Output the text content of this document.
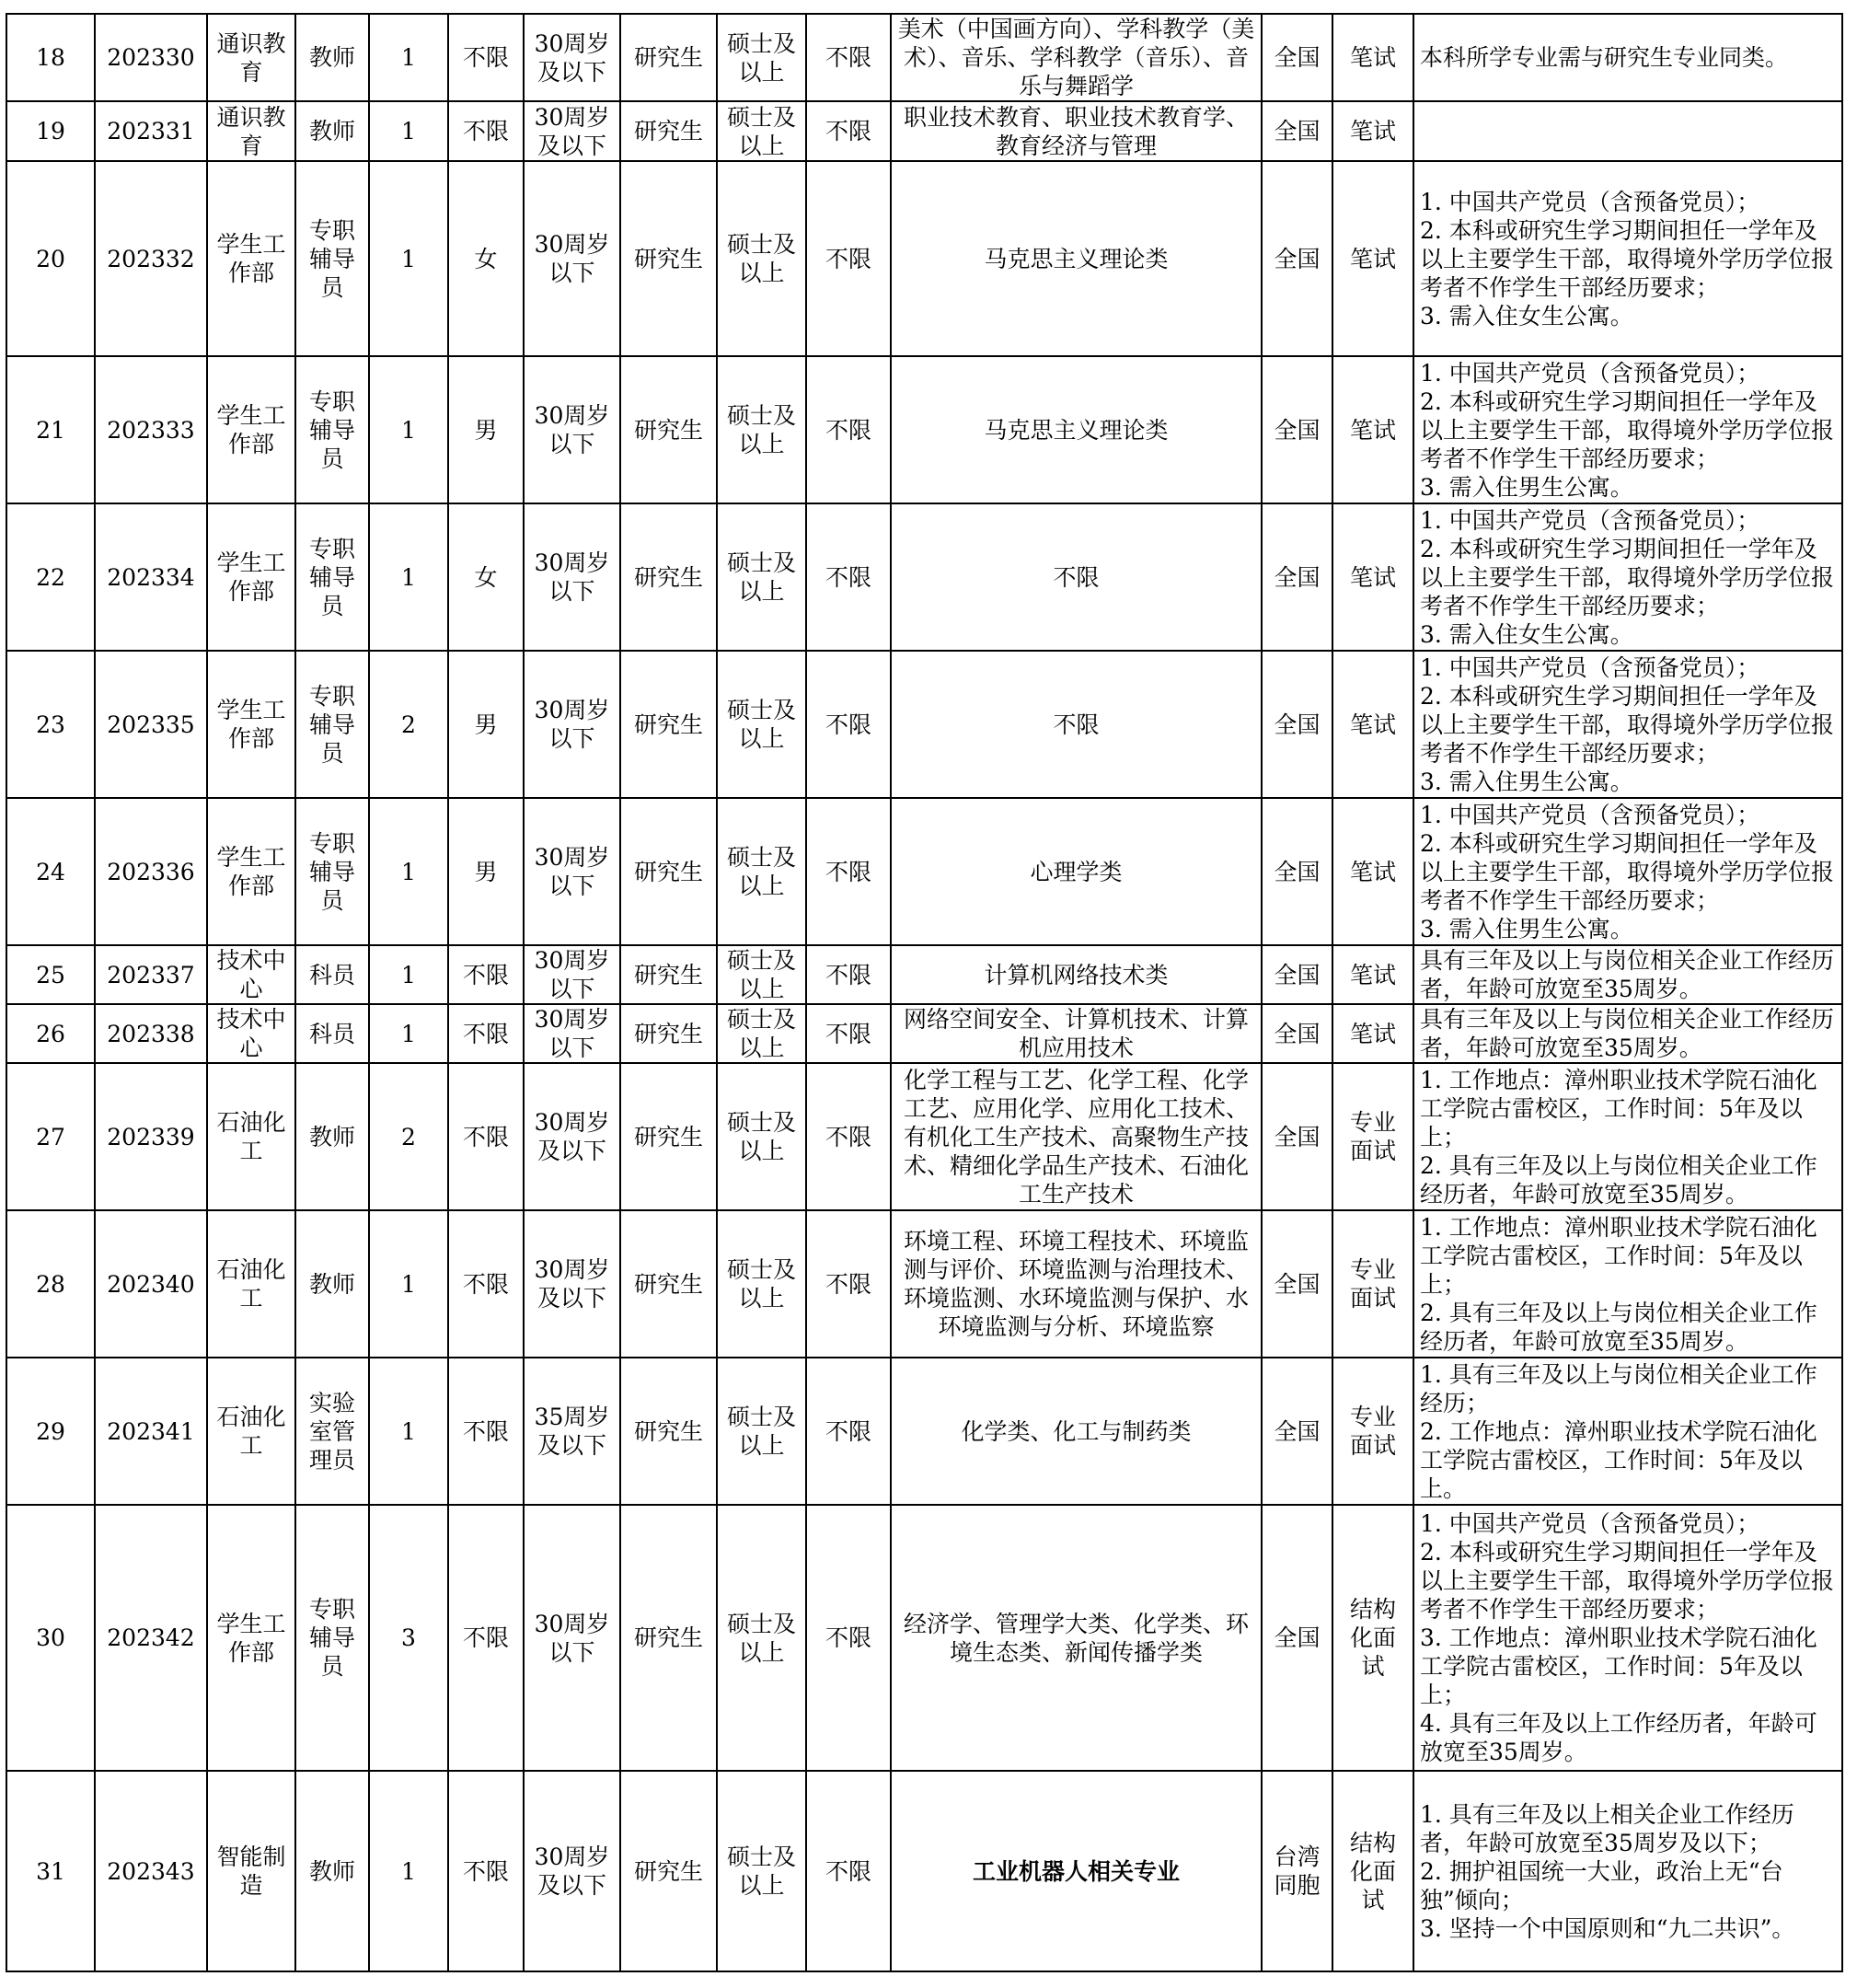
18	202330	通识教育	教师	1	不限	30周岁及以下	研究生	硕士及以上	不限	美术（中国画方向）、学科教学（美术）、音乐、学科教学（音乐）、音乐与舞蹈学	全国	笔试	本科所学专业需与研究生专业同类。
19	202331	通识教育	教师	1	不限	30周岁及以下	研究生	硕士及以上	不限	职业技术教育、职业技术教育学、教育经济与管理	全国	笔试	
20	202332	学生工作部	专职辅导员	1	女	30周岁以下	研究生	硕士及以上	不限	马克思主义理论类	全国	笔试	1. 中国共产党员（含预备党员）；
2. 本科或研究生学习期间担任一学年及以上主要学生干部，取得境外学历学位报考者不作学生干部经历要求；
3. 需入住女生公寓。
21	202333	学生工作部	专职辅导员	1	男	30周岁以下	研究生	硕士及以上	不限	马克思主义理论类	全国	笔试	1. 中国共产党员（含预备党员）；
2. 本科或研究生学习期间担任一学年及以上主要学生干部，取得境外学历学位报考者不作学生干部经历要求；
3. 需入住男生公寓。
22	202334	学生工作部	专职辅导员	1	女	30周岁以下	研究生	硕士及以上	不限	不限	全国	笔试	1. 中国共产党员（含预备党员）；
2. 本科或研究生学习期间担任一学年及以上主要学生干部，取得境外学历学位报考者不作学生干部经历要求；
3. 需入住女生公寓。
23	202335	学生工作部	专职辅导员	2	男	30周岁以下	研究生	硕士及以上	不限	不限	全国	笔试	1. 中国共产党员（含预备党员）；
2. 本科或研究生学习期间担任一学年及以上主要学生干部，取得境外学历学位报考者不作学生干部经历要求；
3. 需入住男生公寓。
24	202336	学生工作部	专职辅导员	1	男	30周岁以下	研究生	硕士及以上	不限	心理学类	全国	笔试	1. 中国共产党员（含预备党员）；
2. 本科或研究生学习期间担任一学年及以上主要学生干部，取得境外学历学位报考者不作学生干部经历要求；
3. 需入住男生公寓。
25	202337	技术中心	科员	1	不限	30周岁以下	研究生	硕士及以上	不限	计算机网络技术类	全国	笔试	具有三年及以上与岗位相关企业工作经历者，年龄可放宽至35周岁。
26	202338	技术中心	科员	1	不限	30周岁以下	研究生	硕士及以上	不限	网络空间安全、计算机技术、计算机应用技术	全国	笔试	具有三年及以上与岗位相关企业工作经历者，年龄可放宽至35周岁。
27	202339	石油化工	教师	2	不限	30周岁及以下	研究生	硕士及以上	不限	化学工程与工艺、化学工程、化学工艺、应用化学、应用化工技术、有机化工生产技术、高聚物生产技术、精细化学品生产技术、石油化工生产技术	全国	专业面试	1. 工作地点：漳州职业技术学院石油化工学院古雷校区，工作时间：5年及以上；
2. 具有三年及以上与岗位相关企业工作经历者，年龄可放宽至35周岁。
28	202340	石油化工	教师	1	不限	30周岁及以下	研究生	硕士及以上	不限	环境工程、环境工程技术、环境监测与评价、环境监测与治理技术、环境监测、水环境监测与保护、水环境监测与分析、环境监察	全国	专业面试	1. 工作地点：漳州职业技术学院石油化工学院古雷校区，工作时间：5年及以上；
2. 具有三年及以上与岗位相关企业工作经历者，年龄可放宽至35周岁。
29	202341	石油化工	实验室管理员	1	不限	35周岁及以下	研究生	硕士及以上	不限	化学类、化工与制药类	全国	专业面试	1. 具有三年及以上与岗位相关企业工作经历；
2. 工作地点：漳州职业技术学院石油化工学院古雷校区，工作时间：5年及以上。
30	202342	学生工作部	专职辅导员	3	不限	30周岁以下	研究生	硕士及以上	不限	经济学、管理学大类、化学类、环境生态类、新闻传播学类	全国	结构化面试	1. 中国共产党员（含预备党员）；
2. 本科或研究生学习期间担任一学年及以上主要学生干部，取得境外学历学位报考者不作学生干部经历要求；
3. 工作地点：漳州职业技术学院石油化工学院古雷校区，工作时间：5年及以上；
4. 具有三年及以上工作经历者，年龄可放宽至35周岁。
31	202343	智能制造	教师	1	不限	30周岁及以下	研究生	硕士及以上	不限	工业机器人相关专业	台湾同胞	结构化面试	1. 具有三年及以上相关企业工作经历者，年龄可放宽至35周岁及以下；
2. 拥护祖国统一大业，政治上无“台独”倾向；
3. 坚持一个中国原则和“九二共识”。
